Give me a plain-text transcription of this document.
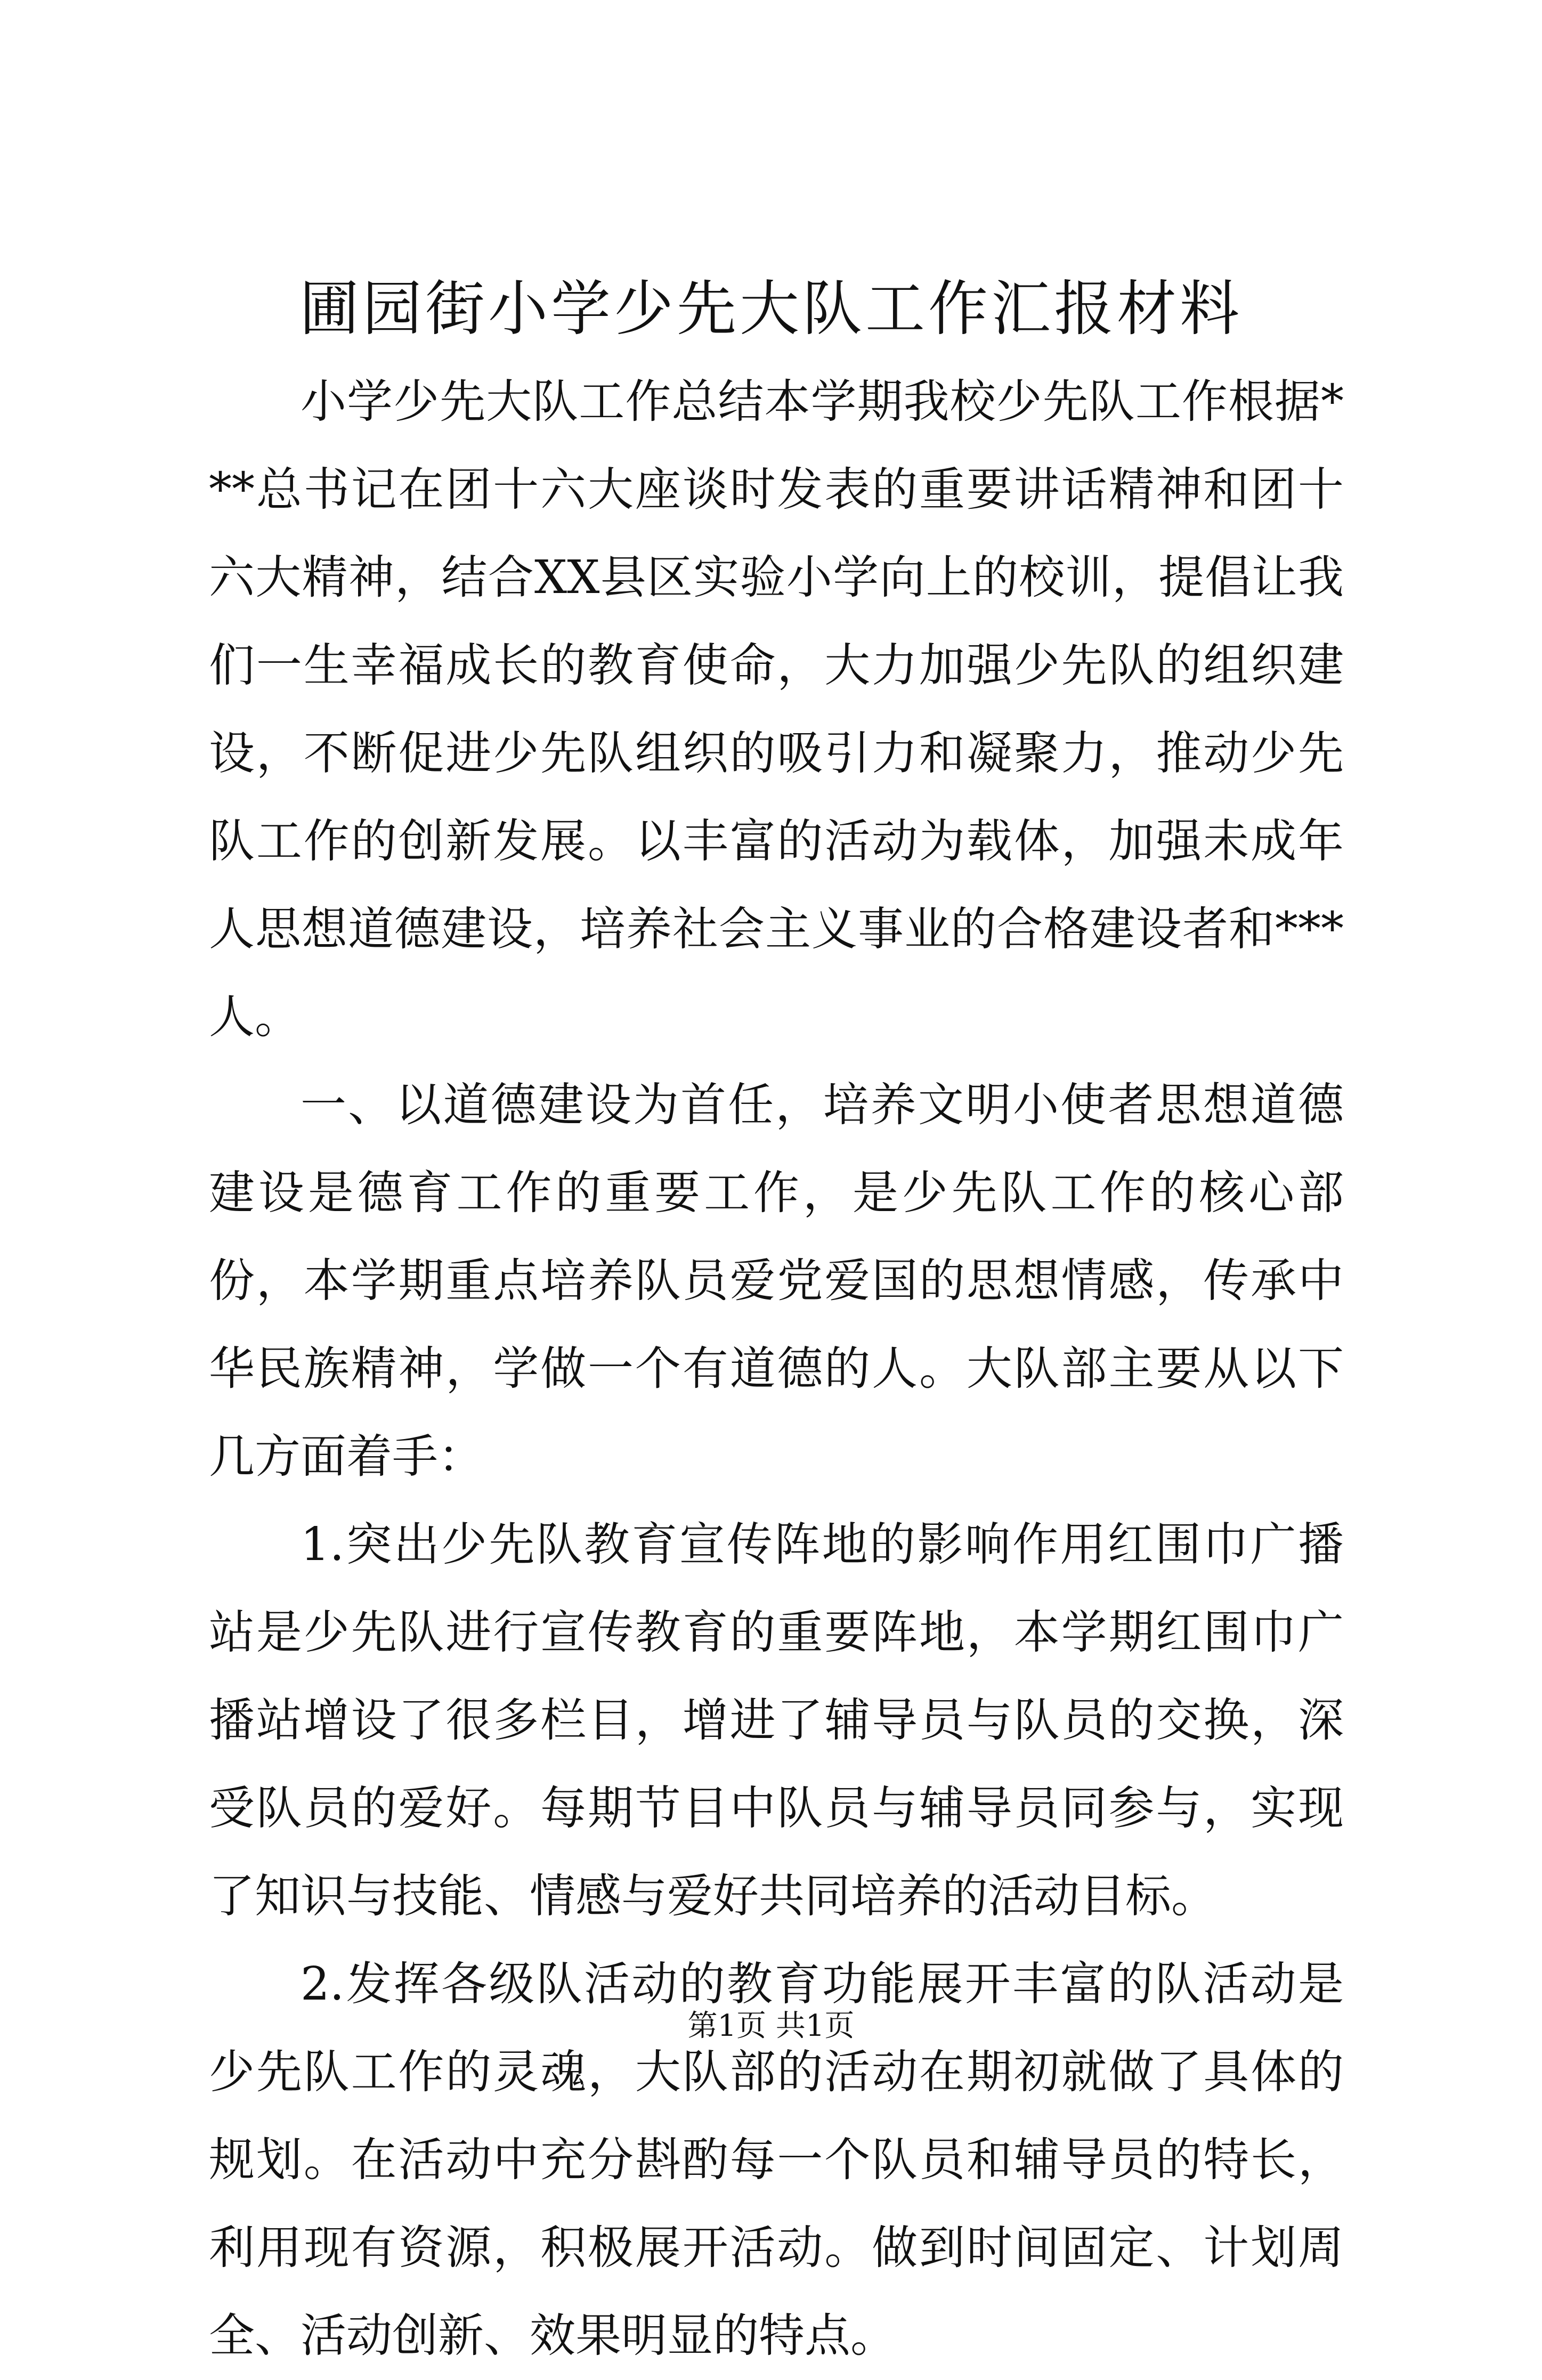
圃园街小学少先大队工作汇报材料

小学少先大队工作总结本学期我校少先队工作根据***总书记在团十六大座谈时发表的重要讲话精神和团十六大精神，结合XX县区实验小学向上的校训，提倡让我们一生幸福成长的教育使命，大力加强少先队的组织建设，不断促进少先队组织的吸引力和凝聚力，推动少先队工作的创新发展。以丰富的活动为载体，加强未成年人思想道德建设，培养社会主义事业的合格建设者和***人。

一、以道德建设为首任，培养文明小使者思想道德建设是德育工作的重要工作，是少先队工作的核心部份，本学期重点培养队员爱党爱国的思想情感，传承中华民族精神，学做一个有道德的人。大队部主要从以下几方面着手：

1.突出少先队教育宣传阵地的影响作用红围巾广播站是少先队进行宣传教育的重要阵地，本学期红围巾广播站增设了很多栏目，增进了辅导员与队员的交换，深受队员的爱好。每期节目中队员与辅导员同参与，实现了知识与技能、情感与爱好共同培养的活动目标。

2.发挥各级队活动的教育功能展开丰富的队活动是少先队工作的灵魂，大队部的活动在期初就做了具体的规划。在活动中充分斟酌每一个队员和辅导员的特长，利用现有资源，积极展开活动。做到时间固定、计划周全、活动创新、效果明显的特点。

第1页 共1页
